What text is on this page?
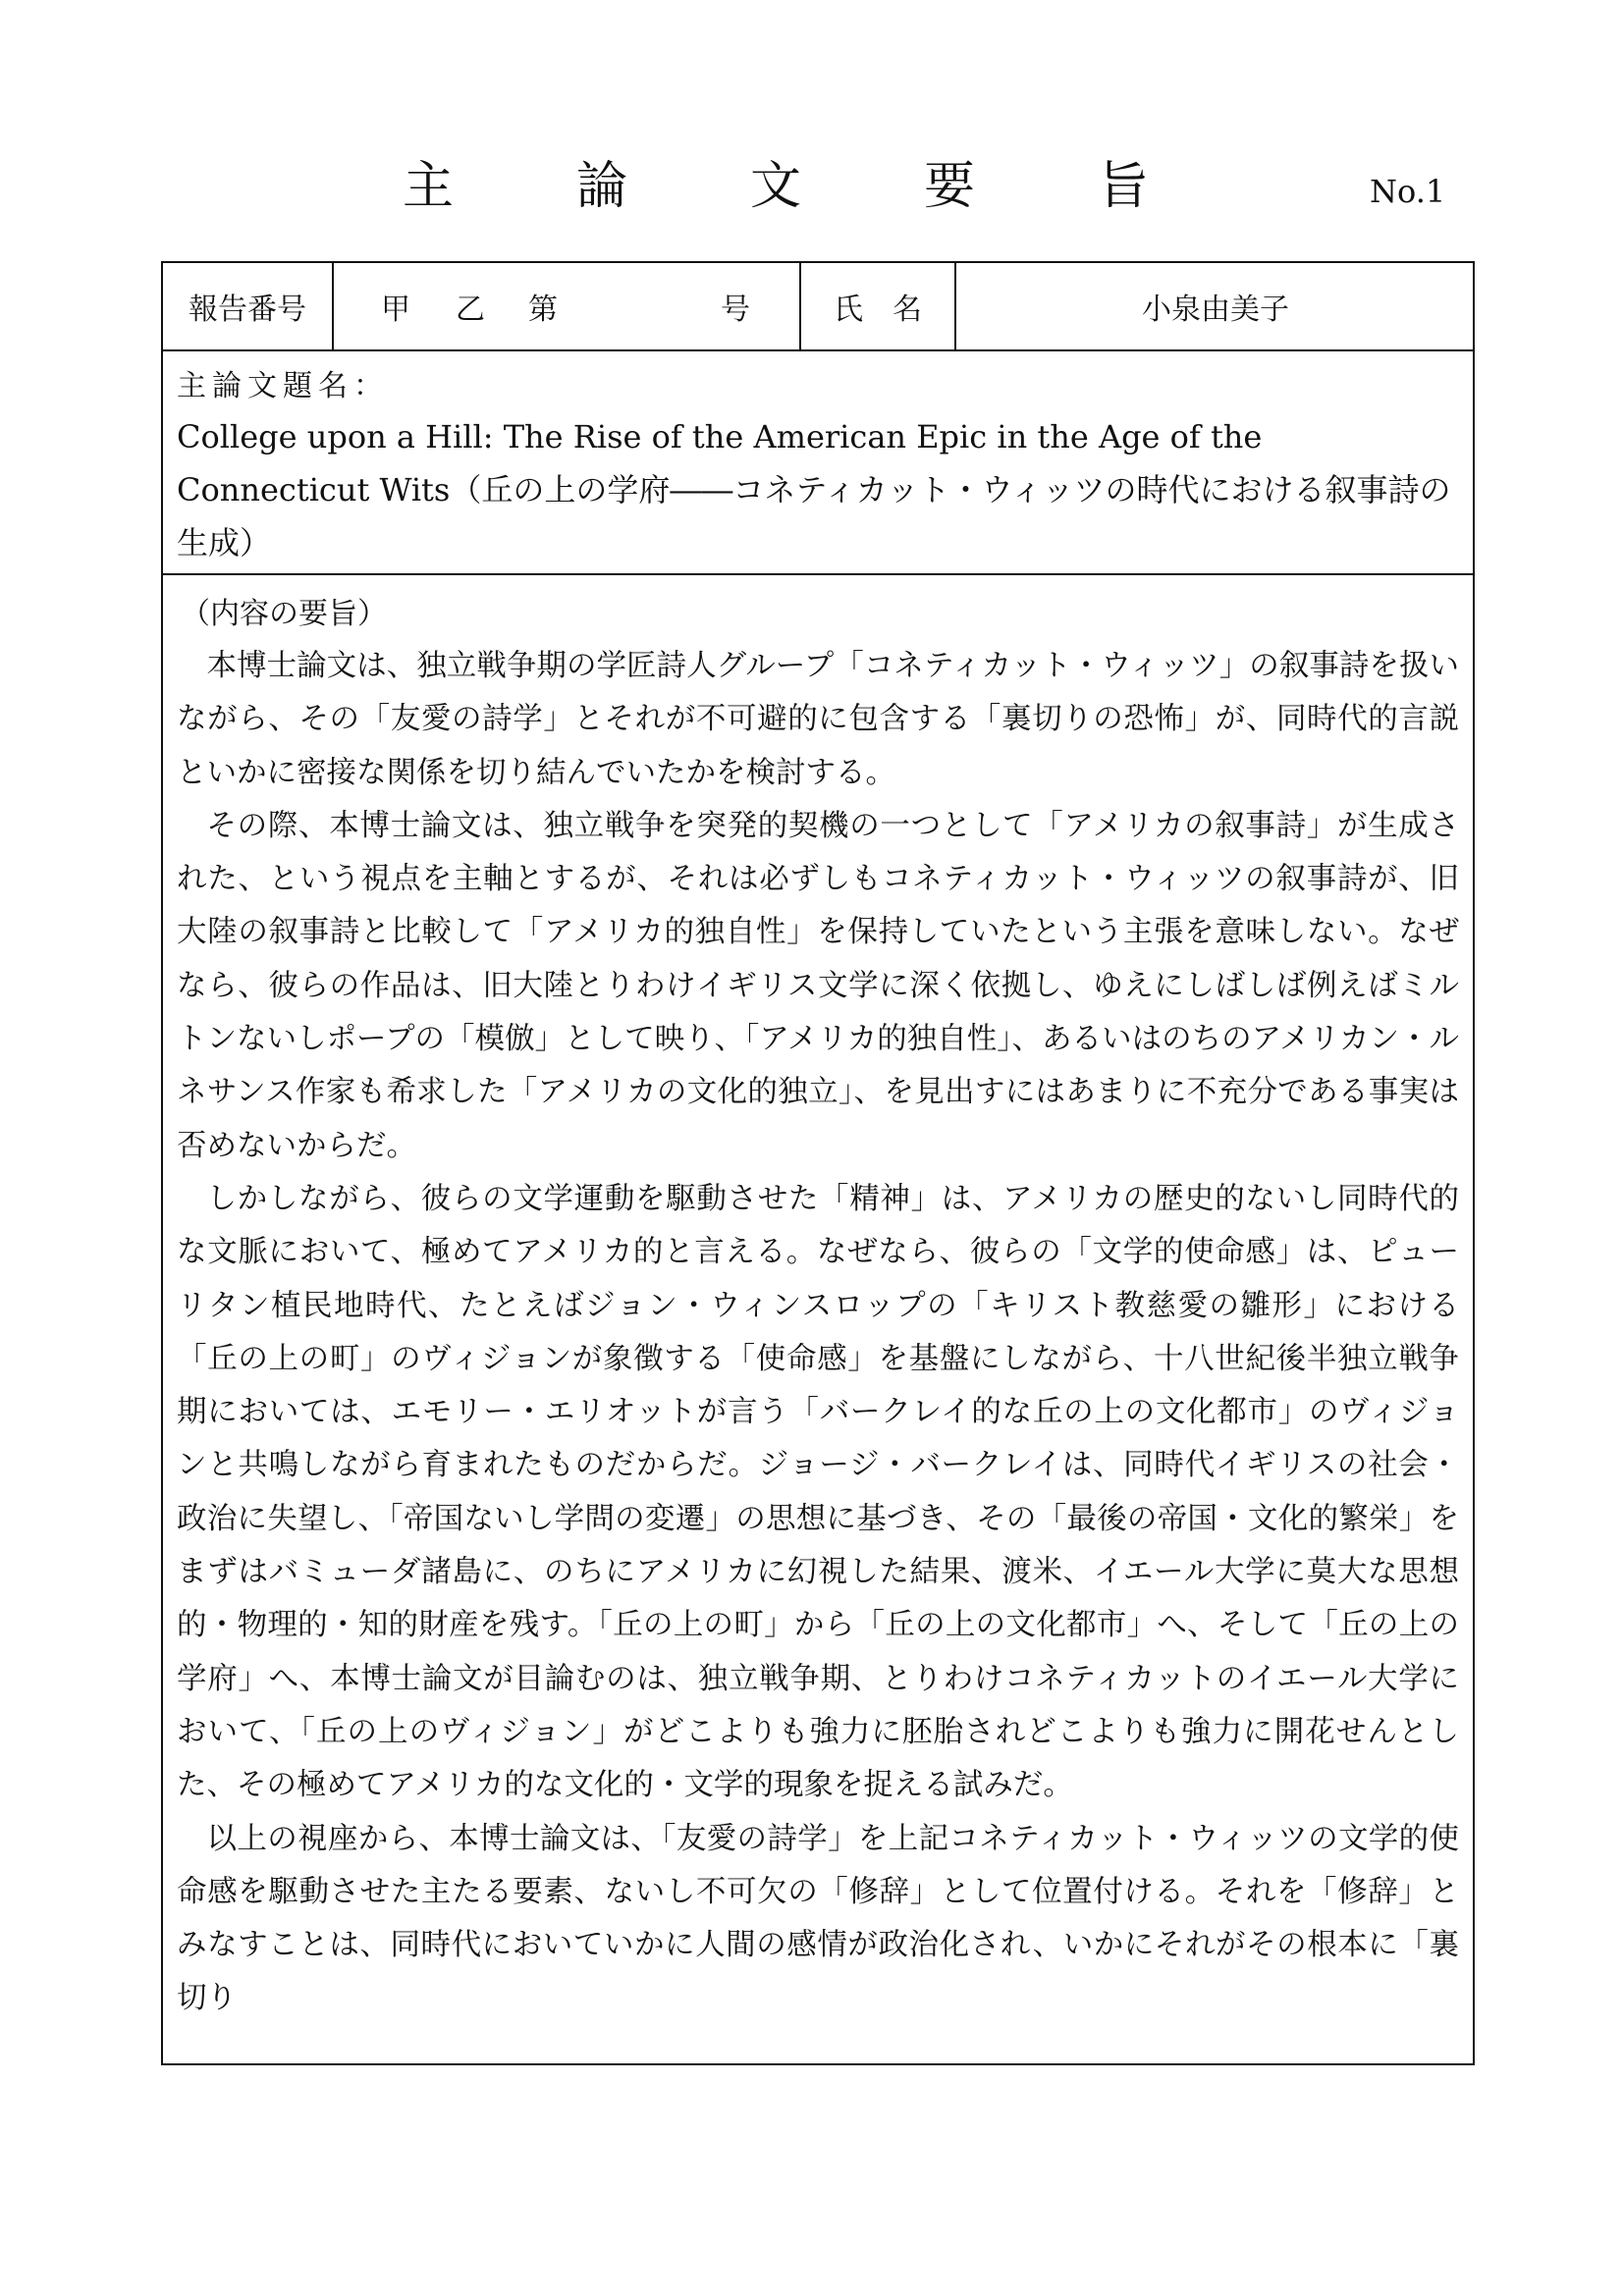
主 論 文 要 旨	No.1
報告番号	甲 乙 第	号	氏　名	小泉由美子
主論文題名：
College upon a Hill: The Rise of the American Epic in the Age of the Connecticut Wits（丘の上の学府――コネティカット・ウィッツの時代における叙事詩の生成）
（内容の要旨）

本博士論文は、独立戦争期の学匠詩人グループ「コネティカット・ウィッツ」の叙事詩を扱いながら、その「友愛の詩学」とそれが不可避的に包含する「裏切りの恐怖」が、同時代的言説といかに密接な関係を切り結んでいたかを検討する。

その際、本博士論文は、独立戦争を突発的契機の一つとして「アメリカの叙事詩」が生成された、という視点を主軸とするが、それは必ずしもコネティカット・ウィッツの叙事詩が、旧大陸の叙事詩と比較して「アメリカ的独自性」を保持していたという主張を意味しない。なぜなら、彼らの作品は、旧大陸とりわけイギリス文学に深く依拠し、ゆえにしばしば例えばミルトンないしポープの「模倣」として映り、「アメリカ的独自性」、あるいはのちのアメリカン・ルネサンス作家も希求した「アメリカの文化的独立」、を見出すにはあまりに不充分である事実は否めないからだ。

しかしながら、彼らの文学運動を駆動させた「精神」は、アメリカの歴史的ないし同時代的な文脈において、極めてアメリカ的と言える。なぜなら、彼らの「文学的使命感」は、ピューリタン植民地時代、たとえばジョン・ウィンスロップの「キリスト教慈愛の雛形」における「丘の上の町」のヴィジョンが象徴する「使命感」を基盤にしながら、十八世紀後半独立戦争期においては、エモリー・エリオットが言う「バークレイ的な丘の上の文化都市」のヴィジョンと共鳴しながら育まれたものだからだ。ジョージ・バークレイは、同時代イギリスの社会・政治に失望し、「帝国ないし学問の変遷」の思想に基づき、その「最後の帝国・文化的繁栄」をまずはバミューダ諸島に、のちにアメリカに幻視した結果、渡米、イエール大学に莫大な思想的・物理的・知的財産を残す。「丘の上の町」から「丘の上の文化都市」へ、そして「丘の上の学府」へ、本博士論文が目論むのは、独立戦争期、とりわけコネティカットのイエール大学において、「丘の上のヴィジョン」がどこよりも強力に胚胎されどこよりも強力に開花せんとした、その極めてアメリカ的な文化的・文学的現象を捉える試みだ。

以上の視座から、本博士論文は、「友愛の詩学」を上記コネティカット・ウィッツの文学的使命感を駆動させた主たる要素、ないし不可欠の「修辞」として位置付ける。それを「修辞」とみなすことは、同時代においていかに人間の感情が政治化され、いかにそれがその根本に「裏切り
